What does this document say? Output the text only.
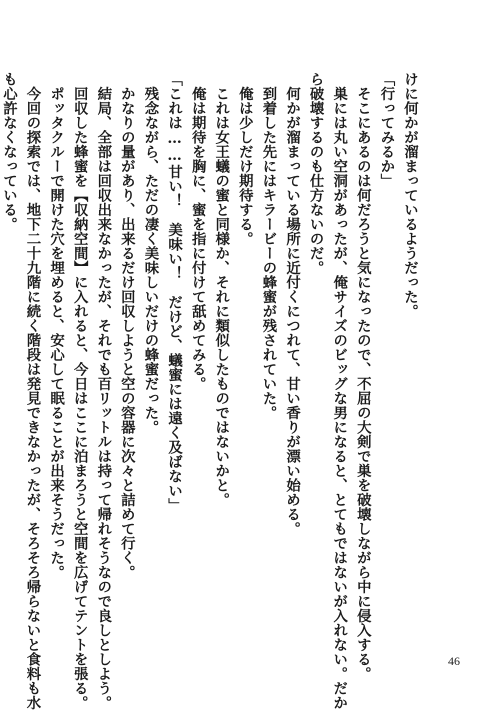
けに何かが溜まっているようだった。
「行ってみるか」
　そこにあるのは何だろうと気になったので、不屈の大剣で巣を破壊しながら中に侵入する。
　巣には丸い空洞があったが、俺サイズのビッグな男になると、とてもではないが入れない。だか
ら破壊するのも仕方ないのだ。
　何かが溜まっている場所に近付くにつれて、甘い香りが漂い始める。
　到着した先にはキラービーの蜂蜜が残されていた。
　俺は少しだけ期待する。
　これは女王蟻の蜜と同様か、それに類似したものではないかと。
　俺は期待を胸に、蜜を指に付けて舐めてみる。
「これは……甘い！　美味い！　だけど、蟻蜜には遠く及ばない」
　残念ながら、ただの凄く美味しいだけの蜂蜜だった。
　かなりの量があり、出来るだけ回収しようと空の容器に次々と詰めて行く。
　結局、全部は回収出来なかったが、それでも百リットルは持って帰れそうなので良しとしよう。
　回収した蜂蜜を【収納空間】に入れると、今日はここに泊まろうと空間を広げてテントを張る。
　ポッタクルーで開けた穴を埋めると、安心して眠ることが出来そうだった。
　今回の探索では、地下二十九階に続く階段は発見できなかったが、そろそろ帰らないと食料も水
も心許なくなっている。
46
